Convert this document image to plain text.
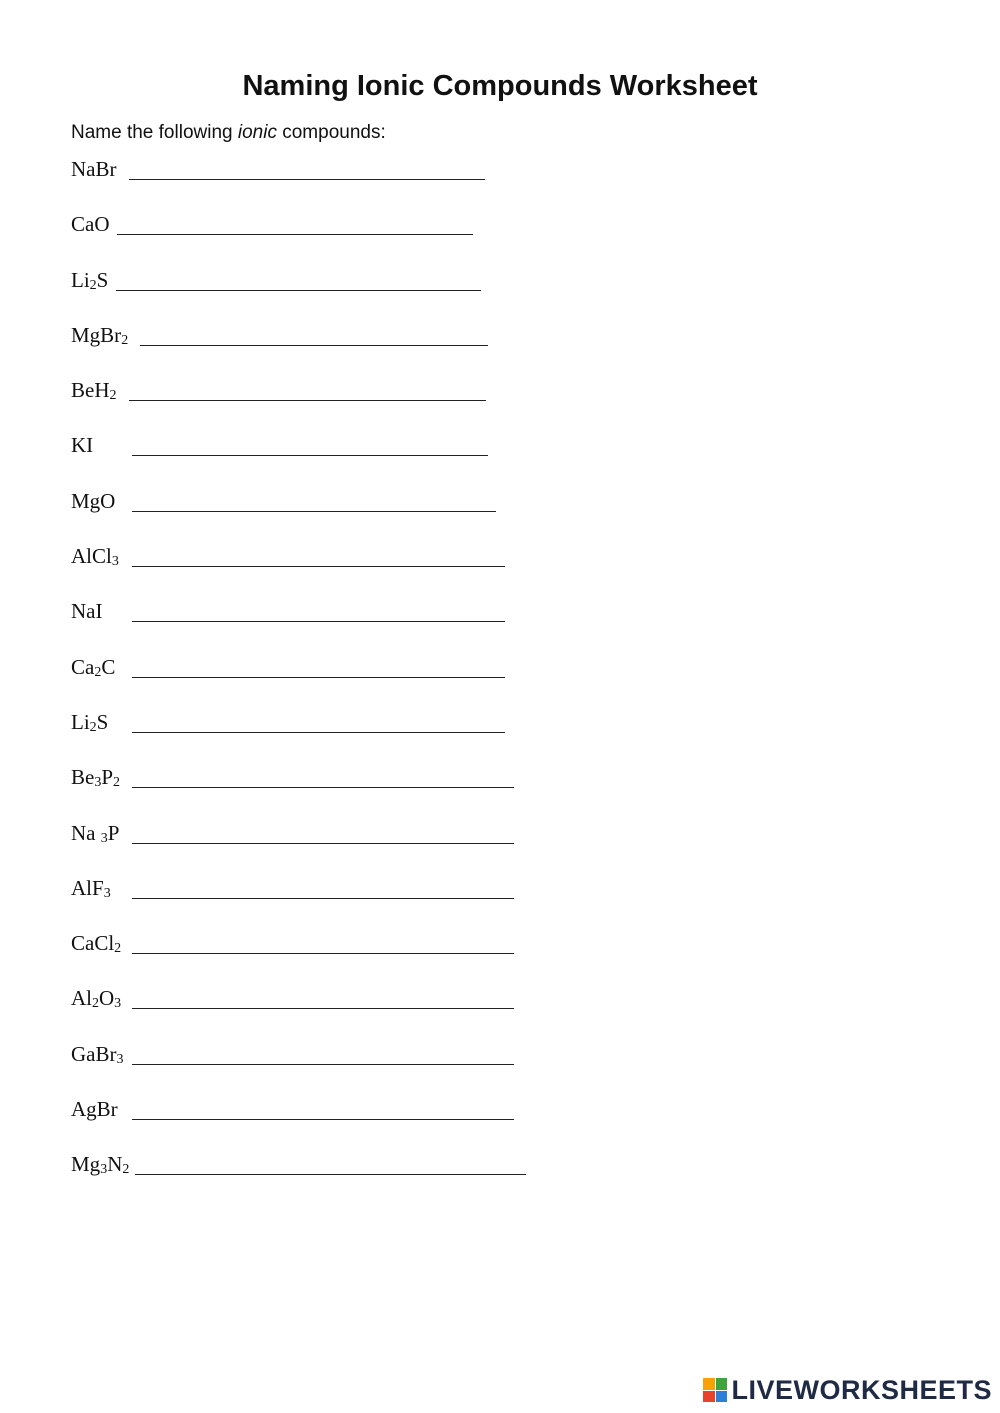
Naming Ionic Compounds Worksheet

Name the following ionic compounds:

NaBr
CaO
$Li_2S$
MgBr$_2$
BeH$_2$
KI
MgO
AlCl$_3$
NaI
$Ca_2C$
$Li_2S$
$Be_3P_2$
Na $_3$P
AlF$_3$
CaCl$_2$
$Al_2O_3$
GaBr$_3$
AgBr
$Mg_3N_2$
LIVEWORKSHEETS
